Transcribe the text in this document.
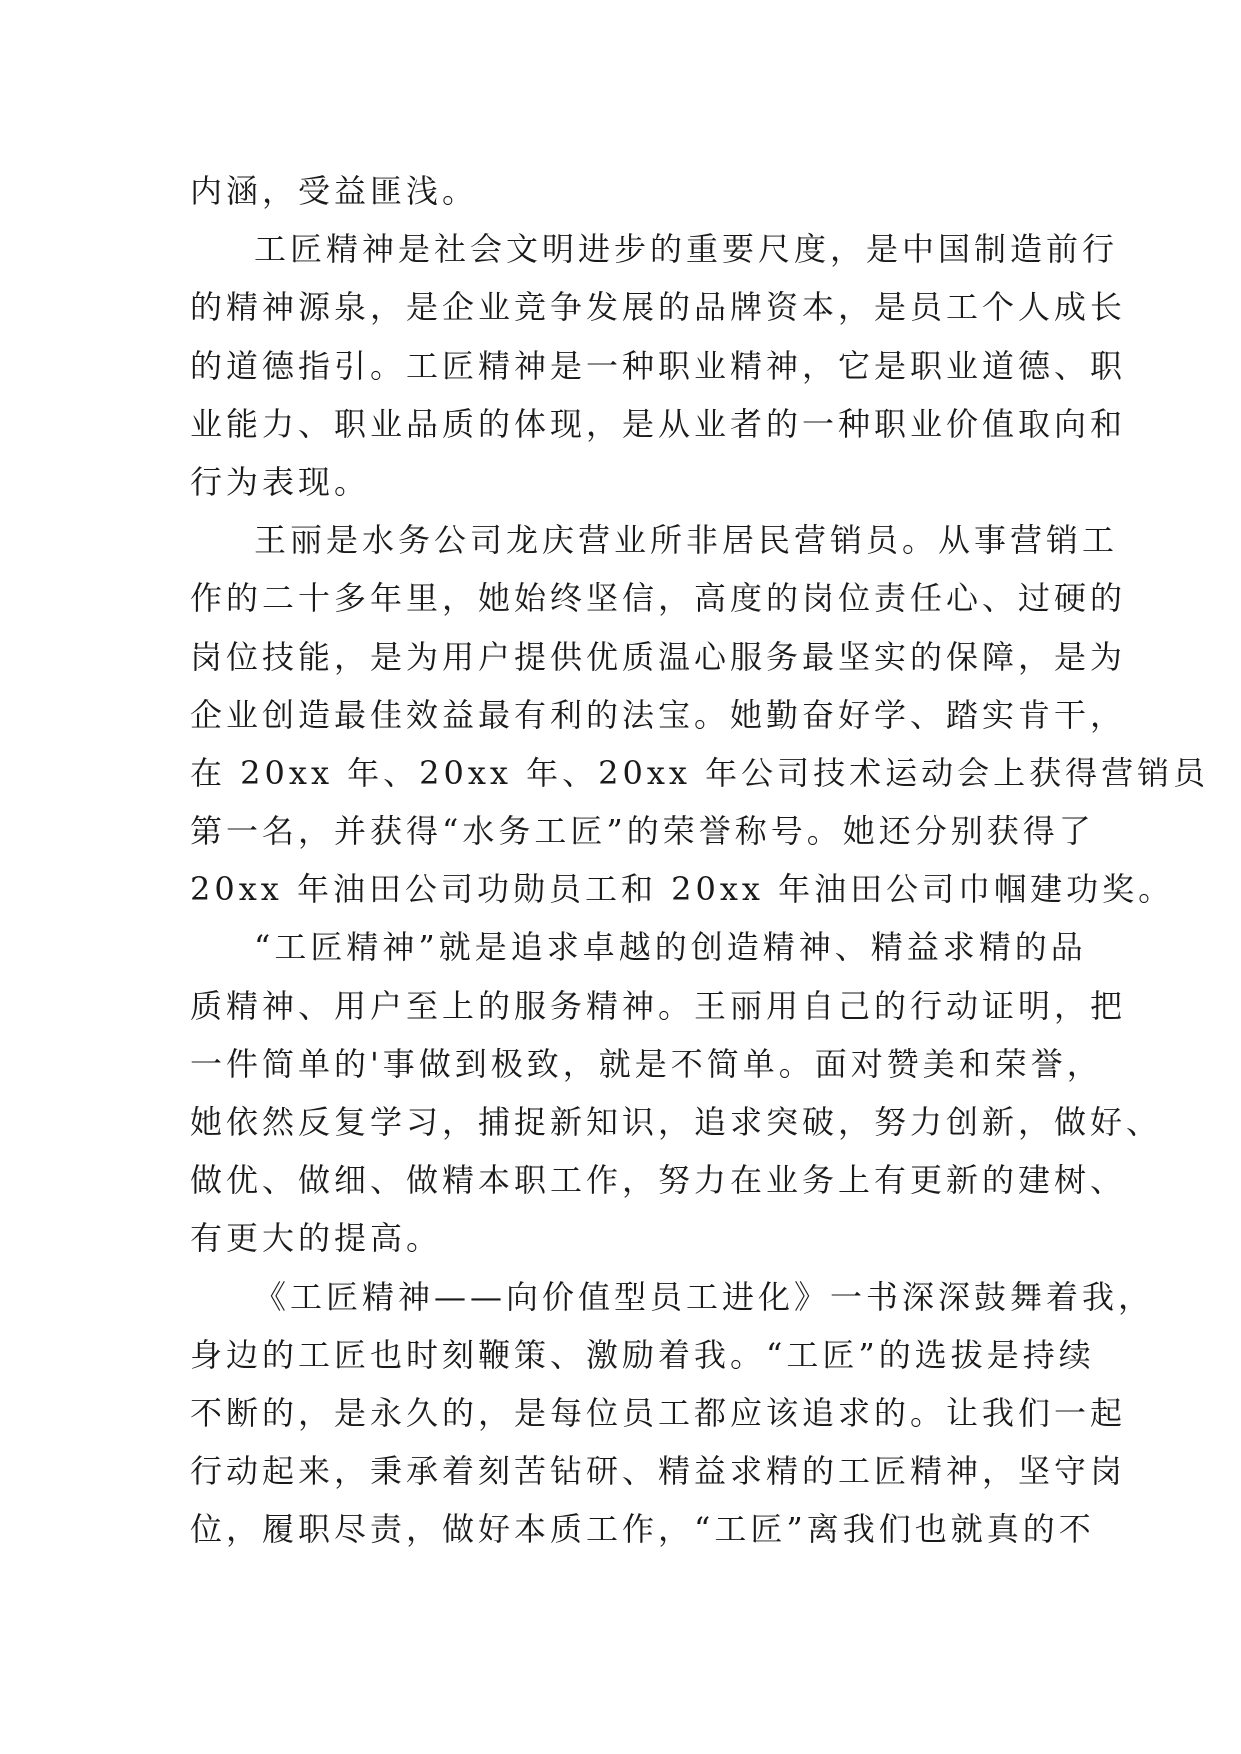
内涵，受益匪浅。
工匠精神是社会文明进步的重要尺度，是中国制造前行
的精神源泉，是企业竞争发展的品牌资本，是员工个人成长
的道德指引。工匠精神是一种职业精神，它是职业道德、职
业能力、职业品质的体现，是从业者的一种职业价值取向和
行为表现。
王丽是水务公司龙庆营业所非居民营销员。从事营销工
作的二十多年里，她始终坚信，高度的岗位责任心、过硬的
岗位技能，是为用户提供优质温心服务最坚实的保障，是为
企业创造最佳效益最有利的法宝。她勤奋好学、踏实肯干，
在 20xx 年、20xx 年、20xx 年公司技术运动会上获得营销员
第一名，并获得“水务工匠”的荣誉称号。她还分别获得了
20xx 年油田公司功勋员工和 20xx 年油田公司巾帼建功奖。
“工匠精神”就是追求卓越的创造精神、精益求精的品
质精神、用户至上的服务精神。王丽用自己的行动证明，把
一件简单的'事做到极致，就是不简单。面对赞美和荣誉，
她依然反复学习，捕捉新知识，追求突破，努力创新，做好、
做优、做细、做精本职工作，努力在业务上有更新的建树、
有更大的提高。
《工匠精神——向价值型员工进化》一书深深鼓舞着我，
身边的工匠也时刻鞭策、激励着我。“工匠”的选拔是持续
不断的，是永久的，是每位员工都应该追求的。让我们一起
行动起来，秉承着刻苦钻研、精益求精的工匠精神，坚守岗
位，履职尽责，做好本质工作，“工匠”离我们也就真的不
